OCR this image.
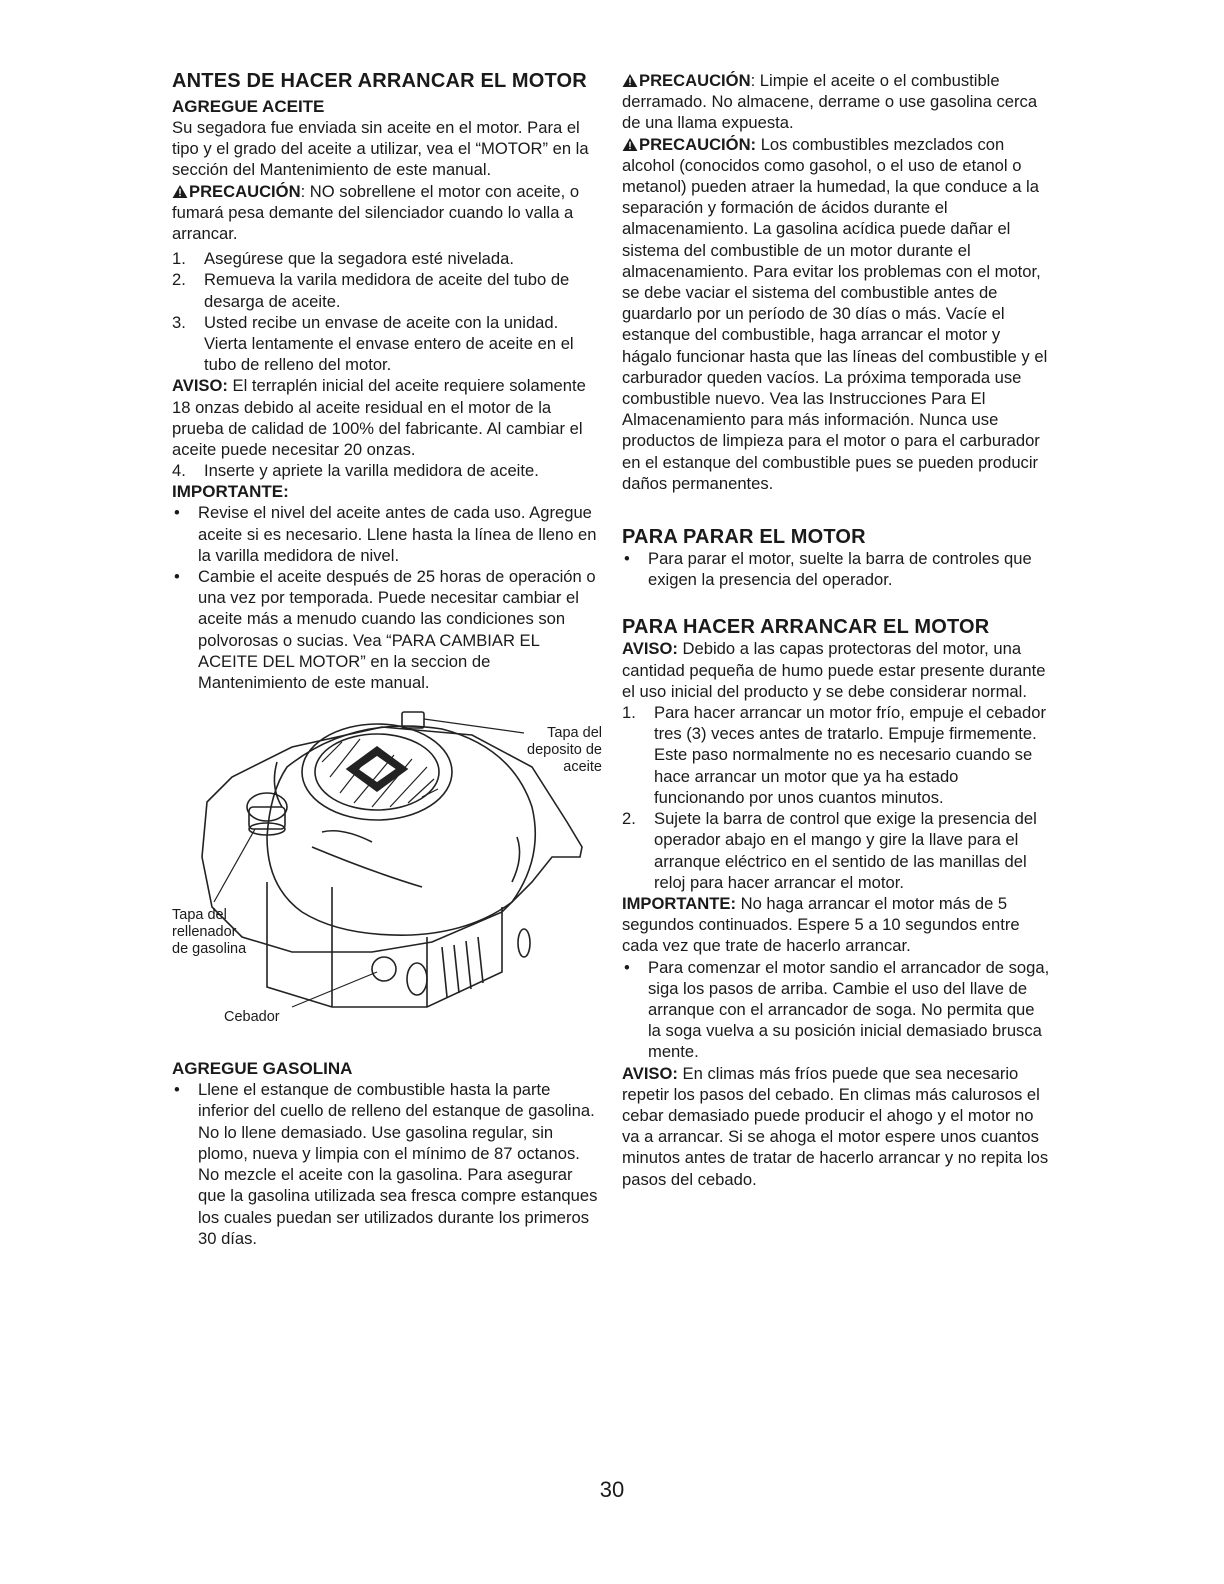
ANTES DE HACER ARRANCAR EL MOTOR
AGREGUE ACEITE

Su segadora fue enviada sin aceite en el motor. Para el tipo y el grado del aceite a utilizar, vea el “MOTOR” en la sección del Mantenimiento de este manual.

PRECAUCIÓN: NO sobrellene el motor con aceite, o fumará pesa demante del silenciador cuando lo valla a arrancar.

1.	Asegúrese que la segadora esté nivelada.
2.	Remueva la varila medidora de aceite del tubo de desarga de aceite.
3.	Usted recibe un envase de aceite con la unidad. Vierta lentamente el envase entero de aceite en el tubo de relleno del motor.

AVISO: El terraplén inicial del aceite requiere solamente 18 onzas debido al aceite residual en el motor de la prueba de calidad de 100% del fabricante. Al cambiar el aceite puede necesitar 20 onzas.

4.	Inserte y apriete la varilla medidora de aceite.
IMPORTANTE:
•	Revise el nivel del aceite antes de cada uso. Agregue aceite si es necesario. Llene hasta la línea de lleno en la varilla medidora de nivel.
•	Cambie el aceite después de 25 horas de operación o una vez por temporada. Puede necesitar cambiar el aceite más a menudo cuando las condiciones son polvorosas o sucias. Vea “PARA CAMBIAR EL ACEITE DEL MOTOR” en la seccion de Mantenimiento de este manual.
Tapa del deposito de aceite
Tapa del rellenador de gasolina
Cebador
AGREGUE GASOLINA
•	Llene el estanque de combustible hasta la parte inferior del cuello de relleno del estanque de gasolina. No lo llene demasiado. Use gasolina regular, sin plomo, nueva y limpia con el mínimo de 87 octanos. No mezcle el aceite con la gasolina. Para asegurar que la gasolina utilizada sea fresca compre estanques los cuales puedan ser utilizados durante los primeros 30 días.

PRECAUCIÓN: Limpie el aceite o el combustible derramado. No almacene, derrame o use gasolina cerca de una llama expuesta.

PRECAUCIÓN: Los combustibles mezclados con alcohol (conocidos como gasohol, o el uso de etanol o metanol) pueden atraer la humedad, la que conduce a la separación y formación de ácidos durante el almacenamiento. La gasolina acídica puede dañar el sistema del combustible de un motor durante el almacenamiento. Para evitar los problemas con el motor, se debe vaciar el sistema del combustible antes de guardarlo por un período de 30 días o más. Vacíe el estanque del combustible, haga arrancar el motor y hágalo funcionar hasta que las líneas del combustible y el carburador queden vacíos. La próxima temporada use combustible nuevo. Vea las Instrucciones Para El Almacenamiento para más información. Nunca use productos de limpieza para el motor o para el carburador en el estanque del combustible pues se pueden producir daños permanentes.

PARA PARAR EL MOTOR
•	Para parar el motor, suelte la barra de controles que exigen la presencia del operador.
PARA HACER ARRANCAR EL MOTOR

AVISO: Debido a las capas protectoras del motor, una cantidad pequeña de humo puede estar presente durante el uso inicial del producto y se debe considerar normal.

1.	Para hacer arrancar un motor frío, empuje el cebador tres (3) veces antes de tratarlo. Empuje firmemente. Este paso normalmente no es necesario cuando se hace arrancar un motor que ya ha estado funcionando por unos cuantos minutos.
2.	Sujete la barra de control que exige la presencia del operador abajo en el mango y gire la llave para el arranque eléctrico en el sentido de las manillas del reloj para hacer arrancar el motor.

IMPORTANTE: No haga arrancar el motor más de 5 segundos continuados. Espere 5 a 10 segundos entre cada vez que trate de hacerlo arrancar.

•	Para comenzar el motor sandio el arrancador de soga, siga los pasos de arriba. Cambie el uso del llave de arranque con el arrancador de soga. No permita que la soga vuelva a su posición inicial demasiado brusca mente.

AVISO: En climas más fríos puede que sea necesario repetir los pasos del cebado. En climas más calurosos el cebar demasiado puede producir el ahogo y el motor no va a arrancar. Si se ahoga el motor espere unos cuantos minutos antes de tratar de hacerlo arrancar y no repita los pasos del cebado.

30
